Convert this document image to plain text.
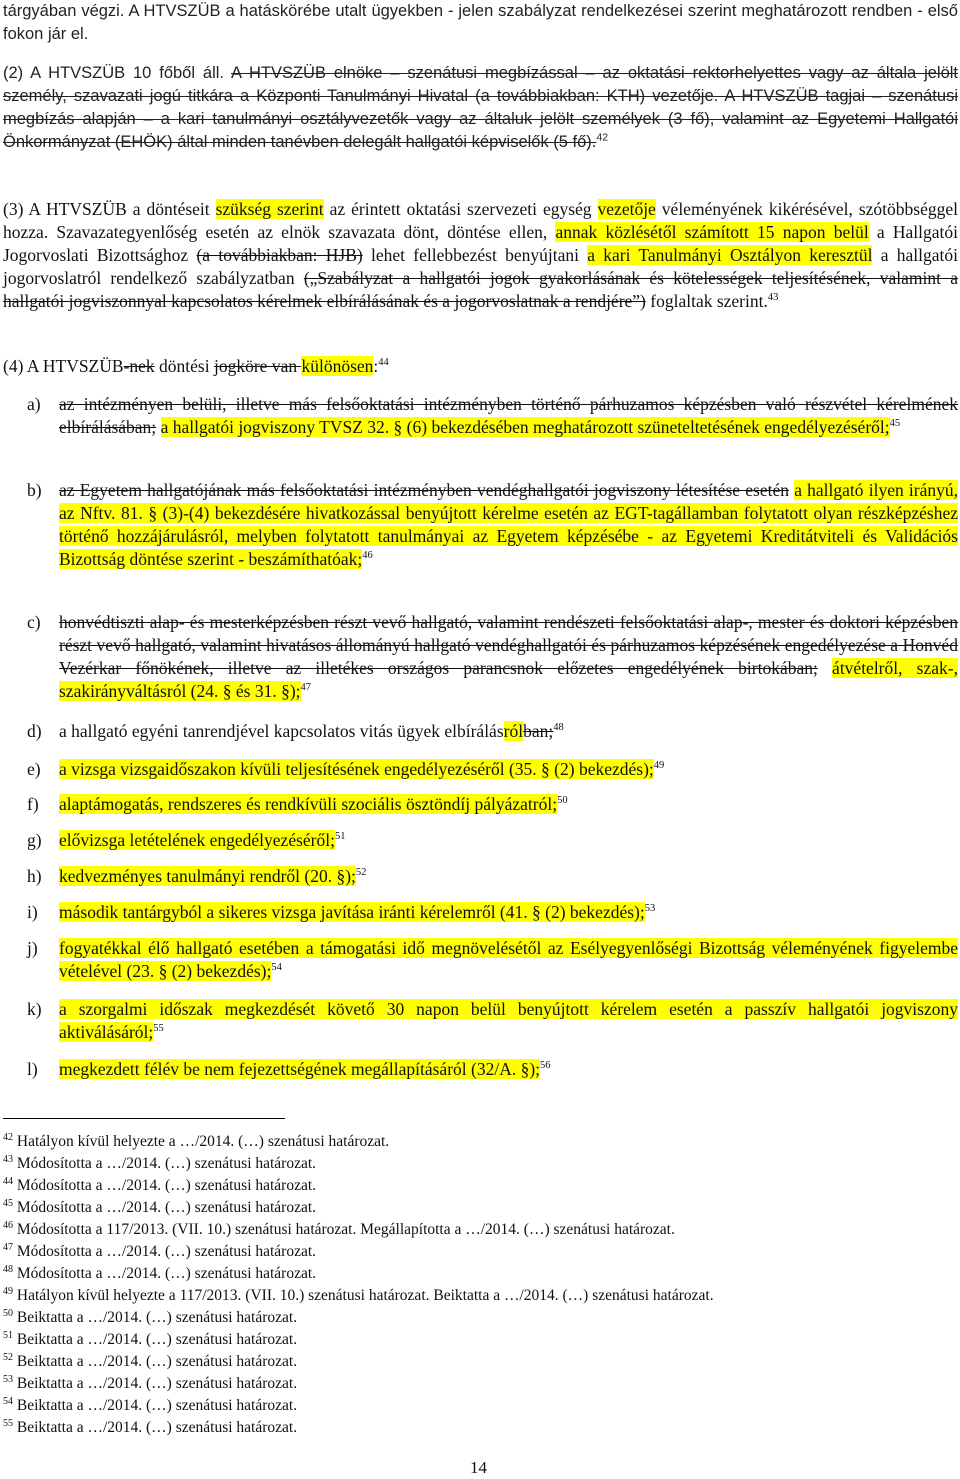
tárgyában végzi. A HTVSZÜB a hatáskörébe utalt ügyekben - jelen szabályzat rendelkezései szerint meghatározott rendben - első fokon jár el.

(2) A HTVSZÜB 10 főből áll. A HTVSZÜB elnöke – szenátusi megbízással – az oktatási rektorhelyettes vagy az általa jelölt személy, szavazati jogú titkára a Központi Tanulmányi Hivatal (a továbbiakban: KTH) vezetője. A HTVSZÜB tagjai – szenátusi megbízás alapján – a kari tanulmányi osztályvezetők vagy az általuk jelölt személyek (3 fő), valamint az Egyetemi Hallgatói Önkormányzat (EHÖK) által minden tanévben delegált hallgatói képviselők (5 fő).$^{42}$

(3) A HTVSZÜB a döntéseit szükség szerint az érintett oktatási szervezeti egység vezetője véleményének kikérésével, szótöbbséggel hozza. Szavazategyenlőség esetén az elnök szavazata dönt, döntése ellen, annak közlésétől számított 15 napon belül a Hallgatói Jogorvoslati Bizottsághoz (a továbbiakban: HJB) lehet fellebbezést benyújtani a kari Tanulmányi Osztályon keresztül a hallgatói jogorvoslatról rendelkező szabályzatban („Szabályzat a hallgatói jogok gyakorlásának és kötelességek teljesítésének, valamint a hallgatói jogviszonnyal kapcsolatos kérelmek elbírálásának és a jogorvoslatnak a rendjére”) foglaltak szerint.$^{43}$

(4) A HTVSZÜB-nek döntési jogköre van különösen:$^{44}$

a) az intézményen belüli, illetve más felsőoktatási intézményben történő párhuzamos képzésben való részvétel kérelmének elbírálásában; a hallgatói jogviszony TVSZ 32. § (6) bekezdésében meghatározott szüneteltetésének engedélyezéséről;$^{45}$

b) az Egyetem hallgatójának más felsőoktatási intézményben vendéghallgatói jogviszony létesítése esetén a hallgató ilyen irányú, az Nftv. 81. § (3)-(4) bekezdésére hivatkozással benyújtott kérelme esetén az EGT-tagállamban folytatott olyan részképzéshez történő hozzájárulásról, melyben folytatott tanulmányai az Egyetem képzésébe - az Egyetemi Kreditátviteli és Validációs Bizottság döntése szerint - beszámíthatóak;$^{46}$

c) honvédtiszti alap- és mesterképzésben részt vevő hallgató, valamint rendészeti felsőoktatási alap-, mester és doktori képzésben részt vevő hallgató, valamint hivatásos állományú hallgató vendéghallgatói és párhuzamos képzésének engedélyezése a Honvéd Vezérkar főnökének, illetve az illetékes országos parancsnok előzetes engedélyének birtokában; átvételről, szak-, szakirányváltásról (24. § és 31. §);$^{47}$

d) a hallgató egyéni tanrendjével kapcsolatos vitás ügyek elbírálásrólban;$^{48}$

e) a vizsga vizsgaidőszakon kívüli teljesítésének engedélyezéséről (35. § (2) bekezdés);$^{49}$

f) alaptámogatás, rendszeres és rendkívüli szociális ösztöndíj pályázatról;$^{50}$

g) elővizsga letételének engedélyezéséről;$^{51}$

h) kedvezményes tanulmányi rendről (20. §);$^{52}$

i) második tantárgyból a sikeres vizsga javítása iránti kérelemről (41. § (2) bekezdés);$^{53}$

j) fogyatékkal élő hallgató esetében a támogatási idő megnövelésétől az Esélyegyenlőségi Bizottság véleményének figyelembe vételével (23. § (2) bekezdés);$^{54}$

k) a szorgalmi időszak megkezdését követő 30 napon belül benyújtott kérelem esetén a passzív hallgatói jogviszony aktiválásáról;$^{55}$

l) megkezdett félév be nem fejezettségének megállapításáról (32/A. §);$^{56}$

$^{42}$ Hatályon kívül helyezte a …/2014. (…) szenátusi határozat.
$^{43}$ Módosította a …/2014. (…) szenátusi határozat.
$^{44}$ Módosította a …/2014. (…) szenátusi határozat.
$^{45}$ Módosította a …/2014. (…) szenátusi határozat.
$^{46}$ Módosította a 117/2013. (VII. 10.) szenátusi határozat. Megállapította a …/2014. (…) szenátusi határozat.
$^{47}$ Módosította a …/2014. (…) szenátusi határozat.
$^{48}$ Módosította a …/2014. (…) szenátusi határozat.
$^{49}$ Hatályon kívül helyezte a 117/2013. (VII. 10.) szenátusi határozat. Beiktatta a …/2014. (…) szenátusi határozat.
$^{50}$ Beiktatta a …/2014. (…) szenátusi határozat.
$^{51}$ Beiktatta a …/2014. (…) szenátusi határozat.
$^{52}$ Beiktatta a …/2014. (…) szenátusi határozat.
$^{53}$ Beiktatta a …/2014. (…) szenátusi határozat.
$^{54}$ Beiktatta a …/2014. (…) szenátusi határozat.
$^{55}$ Beiktatta a …/2014. (…) szenátusi határozat.
14
